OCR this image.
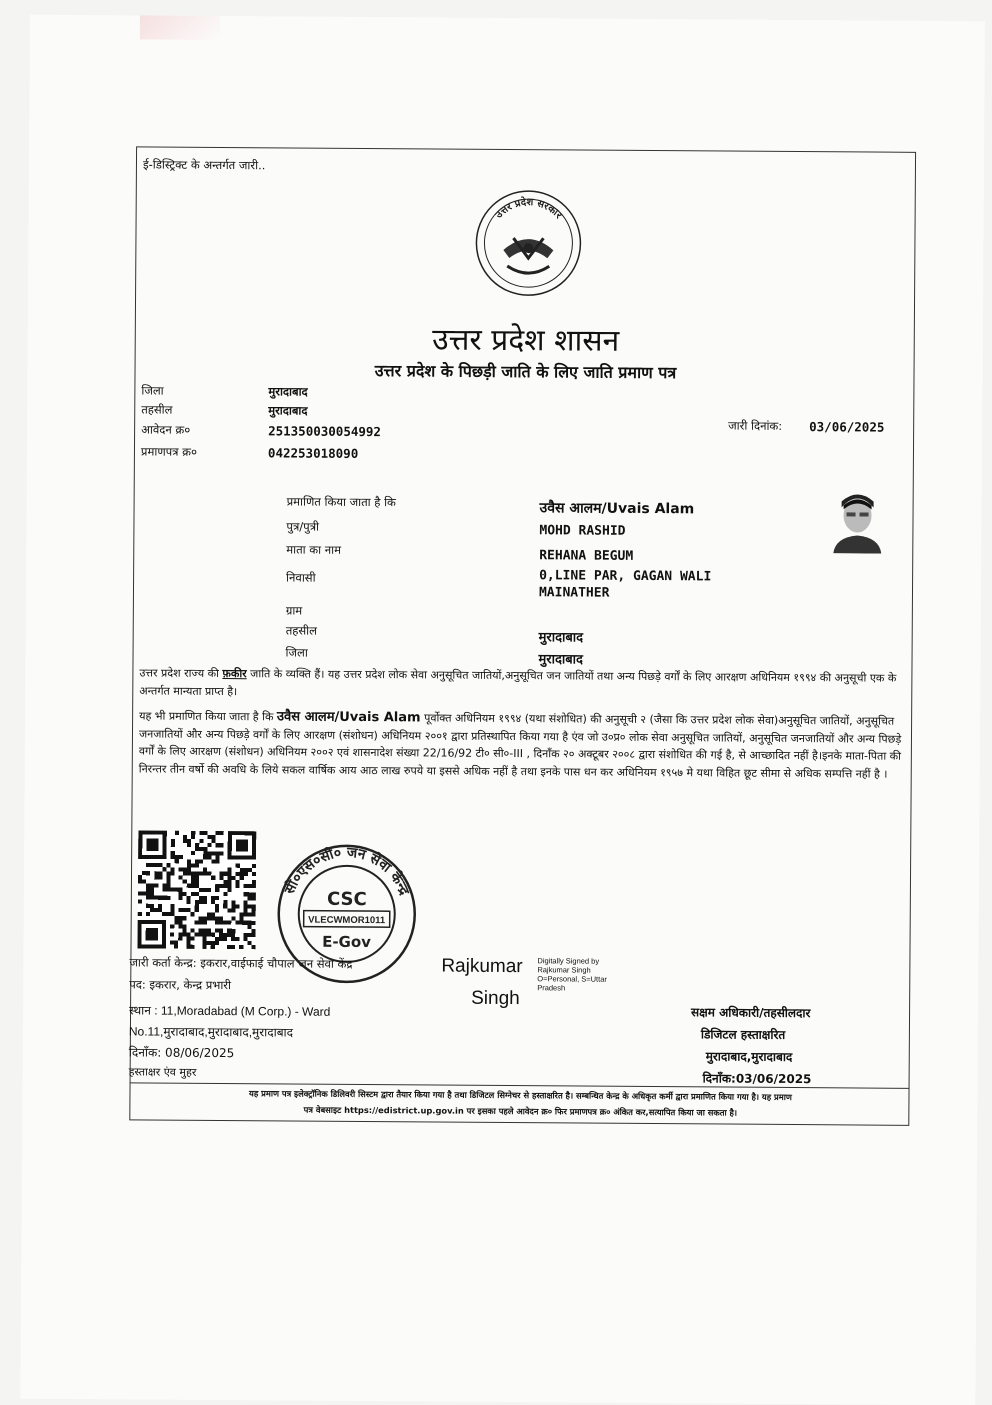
ई-डिस्ट्रिक्ट के अन्तर्गत जारी..
उत्तर प्रदेश सरकार
उत्तर प्रदेश शासन
उत्तर प्रदेश के पिछड़ी जाति के लिए जाति प्रमाण पत्र
जिला	मुरादाबाद
तहसील	मुरादाबाद
आवेदन क्र०	251350030054992
प्रमाणपत्र क्र०	042253018090
जारी दिनांक: 03/06/2025
प्रमाणित किया जाता है कि	उवैस आलम/Uvais Alam
पुत्र/पुत्री	MOHD RASHID
माता का नाम	REHANA BEGUM
निवासी	0,LINE PAR, GAGAN WALI
MAINATHER
ग्राम
तहसील	मुरादाबाद
जिला	मुरादाबाद
उत्तर प्रदेश राज्य की फ़कीर जाति के व्यक्ति हैं। यह उत्तर प्रदेश लोक सेवा अनुसूचित जातियों,अनुसूचित जन जातियों तथा अन्य पिछड़े वर्गों के लिए आरक्षण अधिनियम १९९४ की अनुसूची एक के अन्तर्गत मान्यता प्राप्त है।
यह भी प्रमाणित किया जाता है कि उवैस आलम/Uvais Alam पूर्वोक्त अधिनियम १९९४ (यथा संशोधित) की अनुसूची २ (जैसा कि उत्तर प्रदेश लोक सेवा)अनुसूचित जातियों, अनुसूचित जनजातियों और अन्य पिछड़े वर्गों के लिए आरक्षण (संशोधन) अधिनियम २००१ द्वारा प्रतिस्थापित किया गया है एंव जो उ०प्र० लोक सेवा अनुसूचित जातियों, अनुसूचित जनजातियों और अन्य पिछड़े वर्गों के लिए आरक्षण (संशोधन) अधिनियम २००२ एवं शासनादेश संख्या 22/16/92 टी० सी०-III , दिनाँक २० अक्टूबर २००८ द्वारा संशोधित की गई है, से आच्छादित नहीं है।इनके माता-पिता की निरन्तर तीन वर्षो की अवधि के लिये सकल वार्षिक आय आठ लाख रुपये या इससे अधिक नहीं है तथा इनके पास धन कर अधिनियम १९५७ मे यथा विहित छूट सीमा से अधिक सम्पत्ति नहीं है ।
सी०एस०सी० जन सेवा केन्द्र
CSC
VLECWMOR1011
E-Gov
जारी कर्ता केन्द्र: इकरार,वाईफाई चौपाल जन सेवा केंद्र
पद: इकरार, केन्द्र प्रभारी
स्थान : 11,Moradabad (M Corp.) - Ward
No.11,मुरादाबाद,मुरादाबाद,मुरादाबाद
दिनाँक: 08/06/2025
हस्ताक्षर एंव मुहर
Rajkumar
Singh
Digitally Signed by
Rajkumar Singh
O=Personal, S=Uttar
Pradesh
सक्षम अधिकारी/तहसीलदार
डिजिटल हस्ताक्षरित
मुरादाबाद,मुरादाबाद
दिनाँक:03/06/2025
यह प्रमाण पत्र इलेक्ट्रॉनिक डिलिवरी सिस्टम द्वारा तैयार किया गया है तथा डिजिटल सिग्नेचर से हस्ताक्षरित है। सम्बन्धित केन्द्र के अधिकृत कर्मी द्वारा प्रमाणित किया गया है। यह प्रमाण
पत्र वेबसाइट https://edistrict.up.gov.in पर इसका पहले आवेदन क्र० फिर प्रमाणपत्र क्र० अंकित कर,सत्यापित किया जा सकता है।
